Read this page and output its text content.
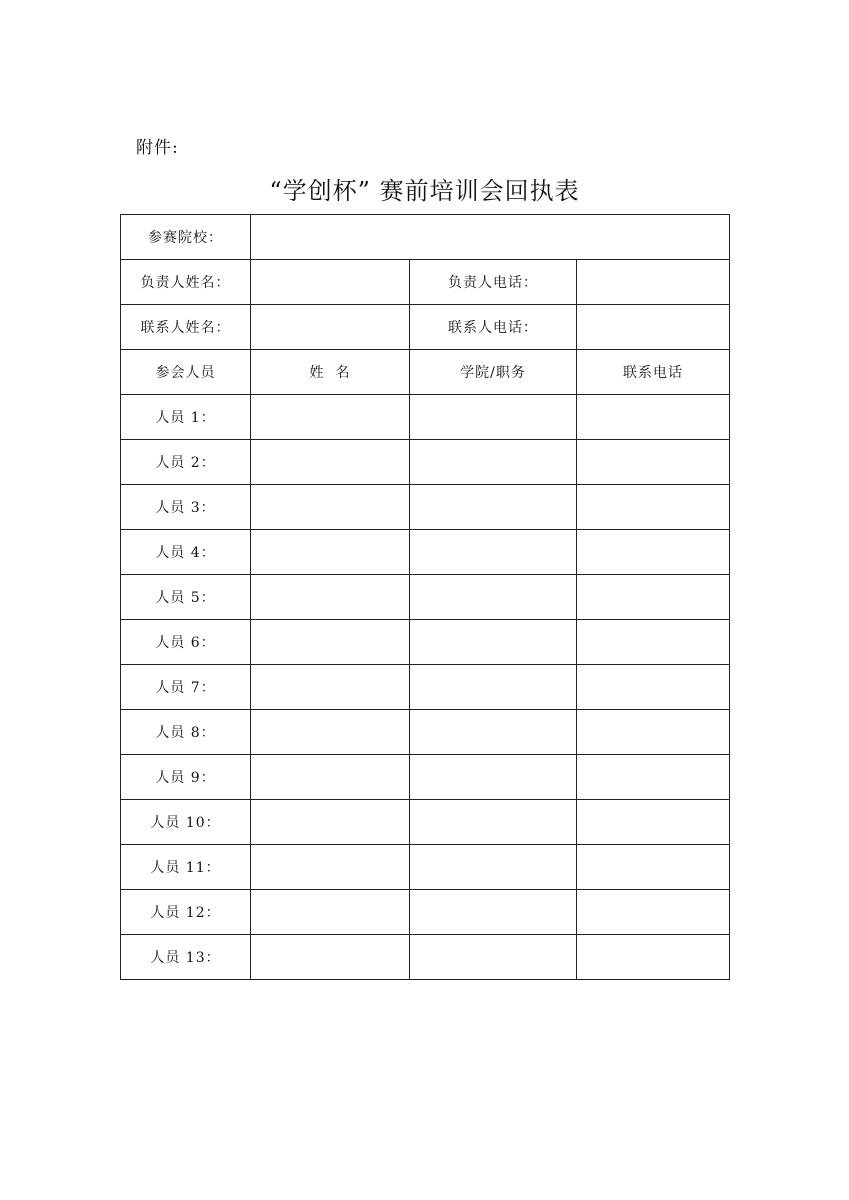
附件:
“学创杯” 赛前培训会回执表
参赛院校：			
负责人姓名：		负责人电话：	
联系人姓名：		联系人电话：	
参会人员	姓  名	学院/职务	联系电话
人员 1：			
人员 2：			
人员 3：			
人员 4：			
人员 5：			
人员 6：			
人员 7：			
人员 8：			
人员 9：			
人员 10：			
人员 11：			
人员 12：			
人员 13：			
